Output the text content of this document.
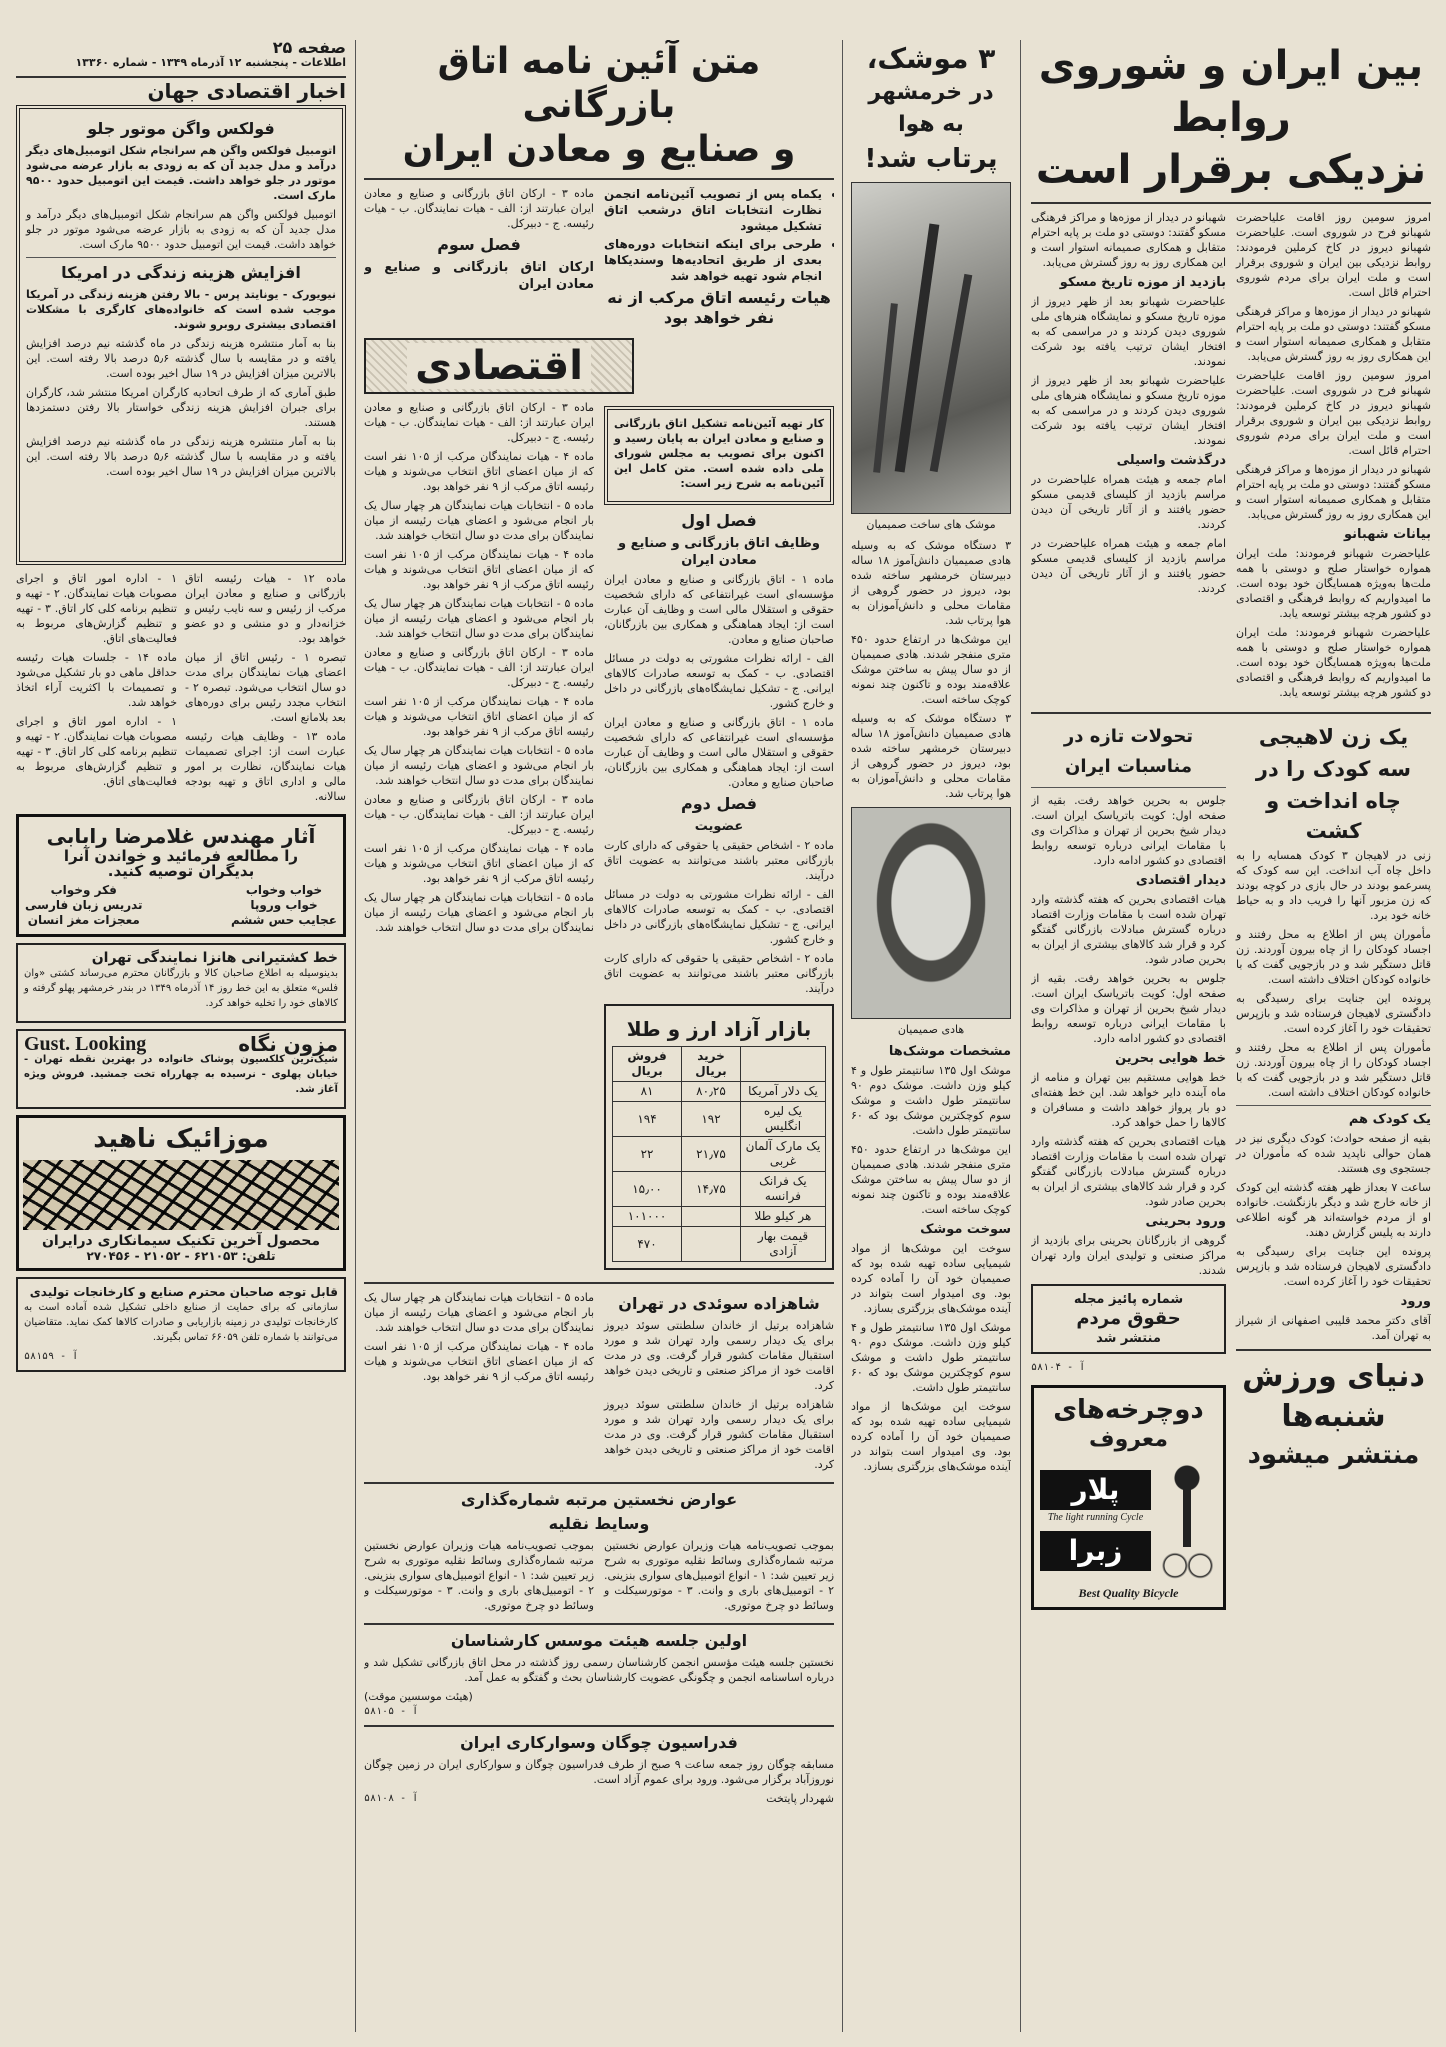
بین ایران و شوروی روابط
نزدیکی برقرار است

امروز سومین روز اقامت علیاحضرت شهبانو فرح در شوروی است. علیاحضرت شهبانو دیروز در کاخ کرملین فرمودند: روابط نزدیکی بین ایران و شوروی برقرار است و ملت ایران برای مردم شوروی احترام قائل است.

شهبانو در دیدار از موزه‌ها و مراکز فرهنگی مسکو گفتند: دوستی دو ملت بر پایه احترام متقابل و همکاری صمیمانه استوار است و این همکاری روز به روز گسترش می‌یابد.

امروز سومین روز اقامت علیاحضرت شهبانو فرح در شوروی است. علیاحضرت شهبانو دیروز در کاخ کرملین فرمودند: روابط نزدیکی بین ایران و شوروی برقرار است و ملت ایران برای مردم شوروی احترام قائل است.

شهبانو در دیدار از موزه‌ها و مراکز فرهنگی مسکو گفتند: دوستی دو ملت بر پایه احترام متقابل و همکاری صمیمانه استوار است و این همکاری روز به روز گسترش می‌یابد.

بیانات شهبانو

علیاحضرت شهبانو فرمودند: ملت ایران همواره خواستار صلح و دوستی با همه ملت‌ها به‌ویژه همسایگان خود بوده است. ما امیدواریم که روابط فرهنگی و اقتصادی دو کشور هرچه بیشتر توسعه یابد.

علیاحضرت شهبانو فرمودند: ملت ایران همواره خواستار صلح و دوستی با همه ملت‌ها به‌ویژه همسایگان خود بوده است. ما امیدواریم که روابط فرهنگی و اقتصادی دو کشور هرچه بیشتر توسعه یابد.

شهبانو در دیدار از موزه‌ها و مراکز فرهنگی مسکو گفتند: دوستی دو ملت بر پایه احترام متقابل و همکاری صمیمانه استوار است و این همکاری روز به روز گسترش می‌یابد.

بازدید از موزه تاریخ مسکو

علیاحضرت شهبانو بعد از ظهر دیروز از موزه تاریخ مسکو و نمایشگاه هنرهای ملی شوروی دیدن کردند و در مراسمی که به افتخار ایشان ترتیب یافته بود شرکت نمودند.

علیاحضرت شهبانو بعد از ظهر دیروز از موزه تاریخ مسکو و نمایشگاه هنرهای ملی شوروی دیدن کردند و در مراسمی که به افتخار ایشان ترتیب یافته بود شرکت نمودند.

درگذشت واسیلی

امام جمعه و هیئت همراه علیاحضرت در مراسم بازدید از کلیسای قدیمی مسکو حضور یافتند و از آثار تاریخی آن دیدن کردند.

امام جمعه و هیئت همراه علیاحضرت در مراسم بازدید از کلیسای قدیمی مسکو حضور یافتند و از آثار تاریخی آن دیدن کردند.

یک زن لاهیجی
سه کودک را در
چاه انداخت و کشت

زنی در لاهیجان ۳ کودک همسایه را به داخل چاه آب انداخت. این سه کودک که پسرعمو بودند در حال بازی در کوچه بودند که زن مزبور آنها را فریب داد و به حیاط خانه خود برد.

مأموران پس از اطلاع به محل رفتند و اجساد کودکان را از چاه بیرون آوردند. زن قاتل دستگیر شد و در بازجویی گفت که با خانواده کودکان اختلاف داشته است.

پرونده این جنایت برای رسیدگی به دادگستری لاهیجان فرستاده شد و بازپرس تحقیقات خود را آغاز کرده است.

مأموران پس از اطلاع به محل رفتند و اجساد کودکان را از چاه بیرون آوردند. زن قاتل دستگیر شد و در بازجویی گفت که با خانواده کودکان اختلاف داشته است.

یک کودک هم

بقیه از صفحه حوادث: کودک دیگری نیز در همان حوالی ناپدید شده که مأموران در جستجوی وی هستند.

ساعت ۷ بعداز ظهر هفته گذشته این کودک از خانه خارج شد و دیگر بازنگشت. خانواده او از مردم خواسته‌اند هر گونه اطلاعی دارند به پلیس گزارش دهند.

پرونده این جنایت برای رسیدگی به دادگستری لاهیجان فرستاده شد و بازپرس تحقیقات خود را آغاز کرده است.

ورود

آقای دکتر محمد قلیبی اصفهانی از شیراز به تهران آمد.

دنیای ورزش
شنبه‌ها
منتشر میشود
تحولات تازه در مناسبات ایران

جلوس به بحرین خواهد رفت. بقیه از صفحه اول: کویت باتریاسک ایران است. دیدار شیخ بحرین از تهران و مذاکرات وی با مقامات ایرانی درباره توسعه روابط اقتصادی دو کشور ادامه دارد.

دیدار اقتصادی

هیات اقتصادی بحرین که هفته گذشته وارد تهران شده است با مقامات وزارت اقتصاد درباره گسترش مبادلات بازرگانی گفتگو کرد و قرار شد کالاهای بیشتری از ایران به بحرین صادر شود.

جلوس به بحرین خواهد رفت. بقیه از صفحه اول: کویت باتریاسک ایران است. دیدار شیخ بحرین از تهران و مذاکرات وی با مقامات ایرانی درباره توسعه روابط اقتصادی دو کشور ادامه دارد.

خط هوایی بحرین

خط هوایی مستقیم بین تهران و منامه از ماه آینده دایر خواهد شد. این خط هفته‌ای دو بار پرواز خواهد داشت و مسافران و کالاها را حمل خواهد کرد.

هیات اقتصادی بحرین که هفته گذشته وارد تهران شده است با مقامات وزارت اقتصاد درباره گسترش مبادلات بازرگانی گفتگو کرد و قرار شد کالاهای بیشتری از ایران به بحرین صادر شود.

ورود بحرینی

گروهی از بازرگانان بحرینی برای بازدید از مراکز صنعتی و تولیدی ایران وارد تهران شدند.

شماره پائیز مجله
حقوق مردم
منتشر شد
آ - ۵۸۱۰۴
دوچرخه‌های
معروف
پلار
The light running Cycle
زبرا
Best Quality Bicycle
۳ موشک،
در خرمشهر
به هوا
پرتاب شد!
موشک های ساخت صمیمیان

۳ دستگاه موشک که به وسیله هادی صمیمیان دانش‌آموز ۱۸ ساله دبیرستان خرمشهر ساخته شده بود، دیروز در حضور گروهی از مقامات محلی و دانش‌آموزان به هوا پرتاب شد.

این موشک‌ها در ارتفاع حدود ۴۵۰ متری منفجر شدند. هادی صمیمیان از دو سال پیش به ساختن موشک علاقه‌مند بوده و تاکنون چند نمونه کوچک ساخته است.

۳ دستگاه موشک که به وسیله هادی صمیمیان دانش‌آموز ۱۸ ساله دبیرستان خرمشهر ساخته شده بود، دیروز در حضور گروهی از مقامات محلی و دانش‌آموزان به هوا پرتاب شد.

هادی صمیمیان
مشخصات موشک‌ها

موشک اول ۱۳۵ سانتیمتر طول و ۴ کیلو وزن داشت. موشک دوم ۹۰ سانتیمتر طول داشت و موشک سوم کوچکترین موشک بود که ۶۰ سانتیمتر طول داشت.

این موشک‌ها در ارتفاع حدود ۴۵۰ متری منفجر شدند. هادی صمیمیان از دو سال پیش به ساختن موشک علاقه‌مند بوده و تاکنون چند نمونه کوچک ساخته است.

سوخت موشک

سوخت این موشک‌ها از مواد شیمیایی ساده تهیه شده بود که صمیمیان خود آن را آماده کرده بود. وی امیدوار است بتواند در آینده موشک‌های بزرگتری بسازد.

موشک اول ۱۳۵ سانتیمتر طول و ۴ کیلو وزن داشت. موشک دوم ۹۰ سانتیمتر طول داشت و موشک سوم کوچکترین موشک بود که ۶۰ سانتیمتر طول داشت.

سوخت این موشک‌ها از مواد شیمیایی ساده تهیه شده بود که صمیمیان خود آن را آماده کرده بود. وی امیدوار است بتواند در آینده موشک‌های بزرگتری بسازد.

متن آئین نامه اتاق بازرگانی
و صنایع و معادن ایران
• یکماه پس از تصویب آئین‌نامه انجمن نظارت انتخابات اتاق درشعب اتاق تشکیل میشود
• طرحی برای اینکه انتخابات دوره‌های بعدی از طریق اتحادیه‌ها وسندیکاها انجام شود تهیه خواهد شد
هیات رئیسه اتاق مرکب از نه نفر خواهد بود

ماده ۳ - ارکان اتاق بازرگانی و صنایع و معادن ایران عبارتند از: الف - هیات نمایندگان. ب - هیات رئیسه. ج - دبیرکل.

فصل سوم
ارکان اتاق بازرگانی و صنایع و معادن ایران
اقتصادی

کار تهیه آئین‌نامه تشکیل اتاق بازرگانی و صنایع و معادن ایران به پایان رسید و اکنون برای تصویب به مجلس شورای ملی داده شده است. متن کامل این آئین‌نامه به شرح زیر است:

فصل اول
وظایف اتاق بازرگانی و صنایع و معادن ایران

ماده ۱ - اتاق بازرگانی و صنایع و معادن ایران مؤسسه‌ای است غیرانتفاعی که دارای شخصیت حقوقی و استقلال مالی است و وظایف آن عبارت است از: ایجاد هماهنگی و همکاری بین بازرگانان، صاحبان صنایع و معادن.

الف - ارائه نظرات مشورتی به دولت در مسائل اقتصادی. ب - کمک به توسعه صادرات کالاهای ایرانی. ج - تشکیل نمایشگاه‌های بازرگانی در داخل و خارج کشور.

ماده ۱ - اتاق بازرگانی و صنایع و معادن ایران مؤسسه‌ای است غیرانتفاعی که دارای شخصیت حقوقی و استقلال مالی است و وظایف آن عبارت است از: ایجاد هماهنگی و همکاری بین بازرگانان، صاحبان صنایع و معادن.

فصل دوم
عضویت

ماده ۲ - اشخاص حقیقی یا حقوقی که دارای کارت بازرگانی معتبر باشند می‌توانند به عضویت اتاق درآیند.

الف - ارائه نظرات مشورتی به دولت در مسائل اقتصادی. ب - کمک به توسعه صادرات کالاهای ایرانی. ج - تشکیل نمایشگاه‌های بازرگانی در داخل و خارج کشور.

ماده ۲ - اشخاص حقیقی یا حقوقی که دارای کارت بازرگانی معتبر باشند می‌توانند به عضویت اتاق درآیند.

بازار آزاد ارز و طلا
	خرید بریال	فروش بریال
یک دلار آمریکا	۸۰٫۲۵	۸۱
یک لیره انگلیس	۱۹۲	۱۹۴
یک مارک آلمان غربی	۲۱٫۷۵	۲۲
یک فرانک فرانسه	۱۴٫۷۵	۱۵٫۰۰
هر کیلو طلا		۱۰۱۰۰۰
قیمت بهار آزادی		۴۷۰

ماده ۳ - ارکان اتاق بازرگانی و صنایع و معادن ایران عبارتند از: الف - هیات نمایندگان. ب - هیات رئیسه. ج - دبیرکل.

ماده ۴ - هیات نمایندگان مرکب از ۱۰۵ نفر است که از میان اعضای اتاق انتخاب می‌شوند و هیات رئیسه اتاق مرکب از ۹ نفر خواهد بود.

ماده ۵ - انتخابات هیات نمایندگان هر چهار سال یک بار انجام می‌شود و اعضای هیات رئیسه از میان نمایندگان برای مدت دو سال انتخاب خواهند شد.

ماده ۴ - هیات نمایندگان مرکب از ۱۰۵ نفر است که از میان اعضای اتاق انتخاب می‌شوند و هیات رئیسه اتاق مرکب از ۹ نفر خواهد بود.

ماده ۵ - انتخابات هیات نمایندگان هر چهار سال یک بار انجام می‌شود و اعضای هیات رئیسه از میان نمایندگان برای مدت دو سال انتخاب خواهند شد.

ماده ۳ - ارکان اتاق بازرگانی و صنایع و معادن ایران عبارتند از: الف - هیات نمایندگان. ب - هیات رئیسه. ج - دبیرکل.

ماده ۴ - هیات نمایندگان مرکب از ۱۰۵ نفر است که از میان اعضای اتاق انتخاب می‌شوند و هیات رئیسه اتاق مرکب از ۹ نفر خواهد بود.

ماده ۵ - انتخابات هیات نمایندگان هر چهار سال یک بار انجام می‌شود و اعضای هیات رئیسه از میان نمایندگان برای مدت دو سال انتخاب خواهند شد.

ماده ۳ - ارکان اتاق بازرگانی و صنایع و معادن ایران عبارتند از: الف - هیات نمایندگان. ب - هیات رئیسه. ج - دبیرکل.

ماده ۴ - هیات نمایندگان مرکب از ۱۰۵ نفر است که از میان اعضای اتاق انتخاب می‌شوند و هیات رئیسه اتاق مرکب از ۹ نفر خواهد بود.

ماده ۵ - انتخابات هیات نمایندگان هر چهار سال یک بار انجام می‌شود و اعضای هیات رئیسه از میان نمایندگان برای مدت دو سال انتخاب خواهند شد.

شاهزاده سوئدی در تهران

شاهزاده برتیل از خاندان سلطنتی سوئد دیروز برای یک دیدار رسمی وارد تهران شد و مورد استقبال مقامات کشور قرار گرفت. وی در مدت اقامت خود از مراکز صنعتی و تاریخی دیدن خواهد کرد.

شاهزاده برتیل از خاندان سلطنتی سوئد دیروز برای یک دیدار رسمی وارد تهران شد و مورد استقبال مقامات کشور قرار گرفت. وی در مدت اقامت خود از مراکز صنعتی و تاریخی دیدن خواهد کرد.

ماده ۵ - انتخابات هیات نمایندگان هر چهار سال یک بار انجام می‌شود و اعضای هیات رئیسه از میان نمایندگان برای مدت دو سال انتخاب خواهند شد.

ماده ۴ - هیات نمایندگان مرکب از ۱۰۵ نفر است که از میان اعضای اتاق انتخاب می‌شوند و هیات رئیسه اتاق مرکب از ۹ نفر خواهد بود.

عوارض نخستین مرتبه شماره‌گذاری
وسایط نقلیه

بموجب تصویب‌نامه هیات وزیران عوارض نخستین مرتبه شماره‌گذاری وسائط نقلیه موتوری به شرح زیر تعیین شد: ۱ - انواع اتومبیل‌های سواری بنزینی. ۲ - اتومبیل‌های باری و وانت. ۳ - موتورسیکلت و وسائط دو چرخ موتوری.

بموجب تصویب‌نامه هیات وزیران عوارض نخستین مرتبه شماره‌گذاری وسائط نقلیه موتوری به شرح زیر تعیین شد: ۱ - انواع اتومبیل‌های سواری بنزینی. ۲ - اتومبیل‌های باری و وانت. ۳ - موتورسیکلت و وسائط دو چرخ موتوری.

اولین جلسه هیئت موسس کارشناسان

نخستین جلسه هیئت مؤسس انجمن کارشناسان رسمی روز گذشته در محل اتاق بازرگانی تشکیل شد و درباره اساسنامه انجمن و چگونگی عضویت کارشناسان بحث و گفتگو به عمل آمد.

(هیئت موسسین موقت)
آ - ۵۸۱۰۵
فدراسیون چوگان وسوارکاری ایران

مسابقه چوگان روز جمعه ساعت ۹ صبح از طرف فدراسیون چوگان و سوارکاری ایران در زمین چوگان نوروزآباد برگزار می‌شود. ورود برای عموم آزاد است.

شهردار پایتخت
آ - ۵۸۱۰۸
صفحه ۲۵
اطلاعات - پنجشنبه ۱۲ آذرماه ۱۳۴۹ - شماره ۱۳۳۶۰
اخبار اقتصادی جهان
فولکس واگن موتور جلو

اتومبیل فولکس واگن هم سرانجام شکل اتومبیل‌های دیگر درآمد و مدل جدید آن که به زودی به بازار عرضه می‌شود موتور در جلو خواهد داشت. قیمت این اتومبیل حدود ۹۵۰۰ مارک است.

اتومبیل فولکس واگن هم سرانجام شکل اتومبیل‌های دیگر درآمد و مدل جدید آن که به زودی به بازار عرضه می‌شود موتور در جلو خواهد داشت. قیمت این اتومبیل حدود ۹۵۰۰ مارک است.

افزایش هزینه زندگی در امریکا

نیویورک - یونایتد پرس - بالا رفتن هزینه زندگی در آمریکا موجب شده است که خانواده‌های کارگری با مشکلات اقتصادی بیشتری روبرو شوند.

بنا به آمار منتشره هزینه زندگی در ماه گذشته نیم درصد افزایش یافته و در مقایسه با سال گذشته ۵٫۶ درصد بالا رفته است. این بالاترین میزان افزایش در ۱۹ سال اخیر بوده است.

طبق آماری که از طرف اتحادیه کارگران امریکا منتشر شد، کارگران برای جبران افزایش هزینه زندگی خواستار بالا رفتن دستمزدها هستند.

بنا به آمار منتشره هزینه زندگی در ماه گذشته نیم درصد افزایش یافته و در مقایسه با سال گذشته ۵٫۶ درصد بالا رفته است. این بالاترین میزان افزایش در ۱۹ سال اخیر بوده است.

ماده ۱۲ - هیات رئیسه اتاق بازرگانی و صنایع و معادن ایران مرکب از رئیس و سه نایب رئیس و خزانه‌دار و دو منشی و دو عضو خواهد بود.

تبصره ۱ - رئیس اتاق از میان اعضای هیات نمایندگان برای مدت دو سال انتخاب می‌شود. تبصره ۲ - انتخاب مجدد رئیس برای دوره‌های بعد بلامانع است.

ماده ۱۳ - وظایف هیات رئیسه عبارت است از: اجرای تصمیمات هیات نمایندگان، نظارت بر امور مالی و اداری اتاق و تهیه بودجه سالانه.

۱ - اداره امور اتاق و اجرای مصوبات هیات نمایندگان. ۲ - تهیه و تنظیم برنامه کلی کار اتاق. ۳ - تهیه و تنظیم گزارش‌های مربوط به فعالیت‌های اتاق.

ماده ۱۴ - جلسات هیات رئیسه حداقل ماهی دو بار تشکیل می‌شود و تصمیمات با اکثریت آراء اتخاذ خواهد شد.

۱ - اداره امور اتاق و اجرای مصوبات هیات نمایندگان. ۲ - تهیه و تنظیم برنامه کلی کار اتاق. ۳ - تهیه و تنظیم گزارش‌های مربوط به فعالیت‌های اتاق.

آثار مهندس غلامرضا رابابی
را مطالعه فرمائید و خواندن آنرا
بدیگران توصیه کنید.
خواب وخواب
خواب وروپا
عجایب حس ششم
فکر وخواب
تدریس زبان فارسی
معجزات مغز انسان
خط کشتیرانی هانزا نمایندگی تهران

بدینوسیله به اطلاع صاحبان کالا و بازرگانان محترم می‌رساند کشتی «وان فلس» متعلق به این خط روز ۱۴ آذرماه ۱۳۴۹ در بندر خرمشهر پهلو گرفته و کالاهای خود را تخلیه خواهد کرد.

مزون نگاه
Gust. Looking

شیک‌ترین کلکسیون پوشاک خانواده در بهترین نقطه تهران - خیابان پهلوی - نرسیده به چهارراه تخت جمشید. فروش ویژه آغاز شد.

موزائیک ناهید
محصول آخرین تکنیک سیمانکاری درایران
تلفن: ۶۲۱۰۵۳ - ۲۱۰۵۲ - ۲۷۰۴۵۶
قابل توجه صاحبان محترم صنایع و کارخانجات تولیدی

سازمانی که برای حمایت از صنایع داخلی تشکیل شده آماده است به کارخانجات تولیدی در زمینه بازاریابی و صادرات کالاها کمک نماید. متقاضیان می‌توانند با شماره تلفن ۶۶۰۵۹ تماس بگیرند.

آ - ۵۸۱۵۹
